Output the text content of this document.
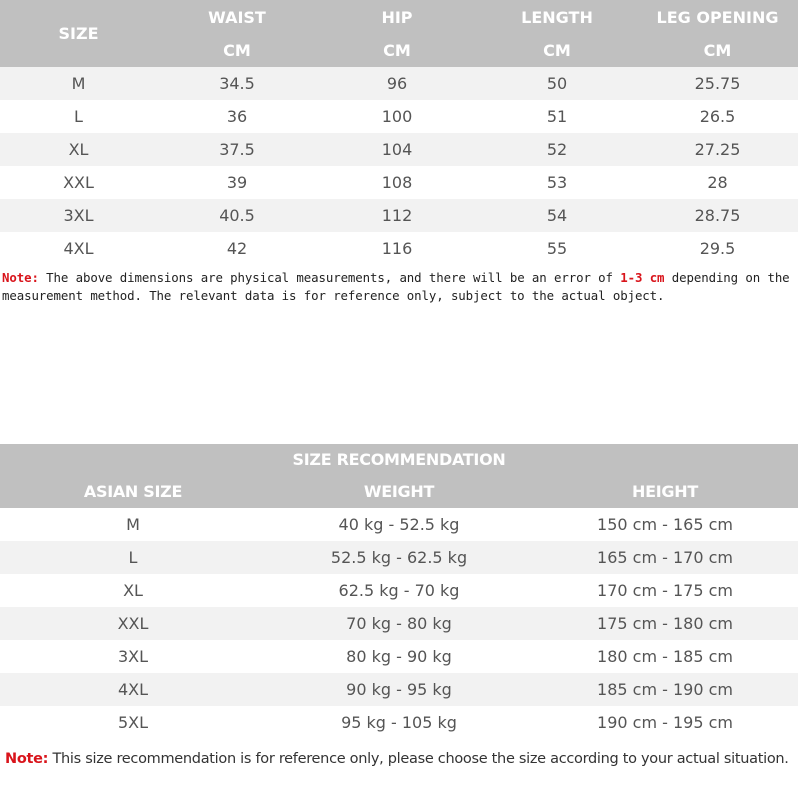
SIZE	WAIST	HIP	LENGTH	LEG OPENING
	CM	CM	CM	CM
M	34.5	96	50	25.75
L	36	100	51	26.5
XL	37.5	104	52	27.25
XXL	39	108	53	28
3XL	40.5	112	54	28.75
4XL	42	116	55	29.5
Note: The above dimensions are physical measurements, and there will be an error of 1-3 cm depending on the measurement method. The relevant data is for reference only, subject to the actual object.
SIZE RECOMMENDATION		
ASIAN SIZE	WEIGHT	HEIGHT
M	40 kg - 52.5 kg	150 cm - 165 cm
L	52.5 kg - 62.5 kg	165 cm - 170 cm
XL	62.5 kg - 70 kg	170 cm - 175 cm
XXL	70 kg - 80 kg	175 cm - 180 cm
3XL	80 kg - 90 kg	180 cm - 185 cm
4XL	90 kg - 95 kg	185 cm - 190 cm
5XL	95 kg - 105 kg	190 cm - 195 cm
Note: This size recommendation is for reference only, please choose the size according to your actual situation.
